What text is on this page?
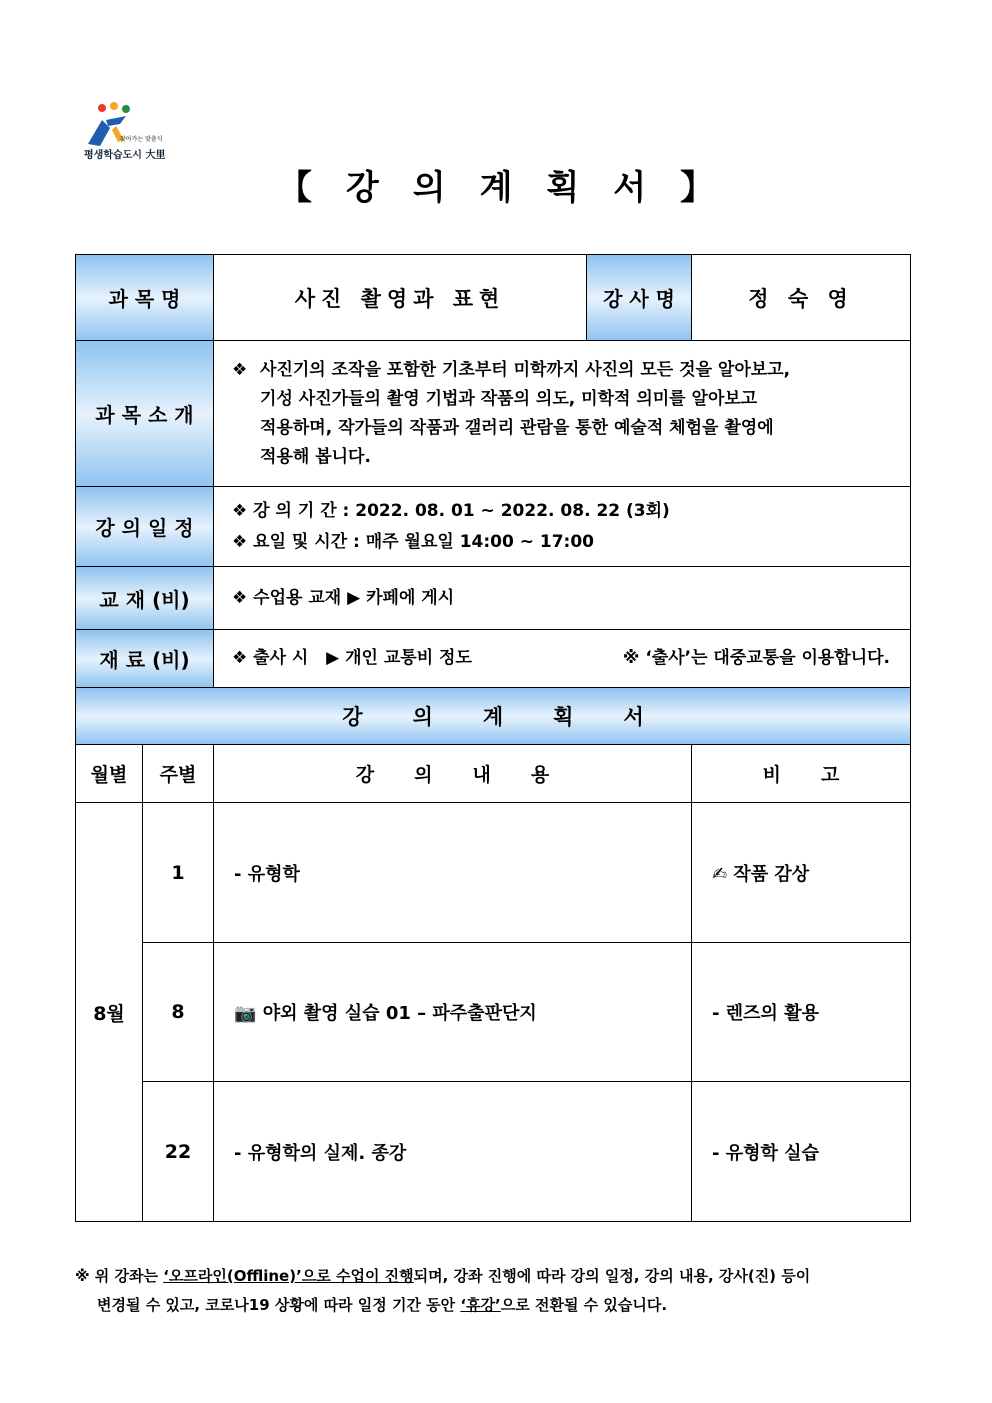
찾아가는 맞춤식
평생학습도시 大里
【강의계획서】
과 목 명		사진 촬영과 표현	강 사 명	정 숙 영
과 목 소 개		❖ 사진기의 조작을 포함한 기초부터 미학까지 사진의 모든 것을 알아보고,
기성 사진가들의 촬영 기법과 작품의 의도, 미학적 의미를 알아보고
적용하며, 작가들의 작품과 갤러리 관람을 통한 예술적 체험을 촬영에
적용해 봅니다.		

강 의 일 정		❖ 강 의 기 간 : 2022. 08. 01 ~ 2022. 08. 22 (3회)
❖ 요일 및 시간 : 매주 월요일 14:00 ~ 17:00		

교 재 (비)		❖ 수업용 교재 ▶ 카페에 게시		
재 료 (비)		❖ 출사 시   ▶ 개인 교통비 정도 ※ ‘출사’는 대중교통을 이용합니다.		

강의계획서				
월별	주별	강의내용		비고
8월	1	- 유형학		✍ 작품 감상
	8	📷 야외 촬영 실습 01 – 파주출판단지		- 렌즈의 활용
	22	- 유형학의 실제. 종강		- 유형학 실습
※ 위 강좌는 ‘오프라인(Offline)’으로 수업이 진행되며, 강좌 진행에 따라 강의 일정, 강의 내용, 강사(진) 등이
변경될 수 있고, 코로나19 상황에 따라 일정 기간 동안 ‘휴강’으로 전환될 수 있습니다.
